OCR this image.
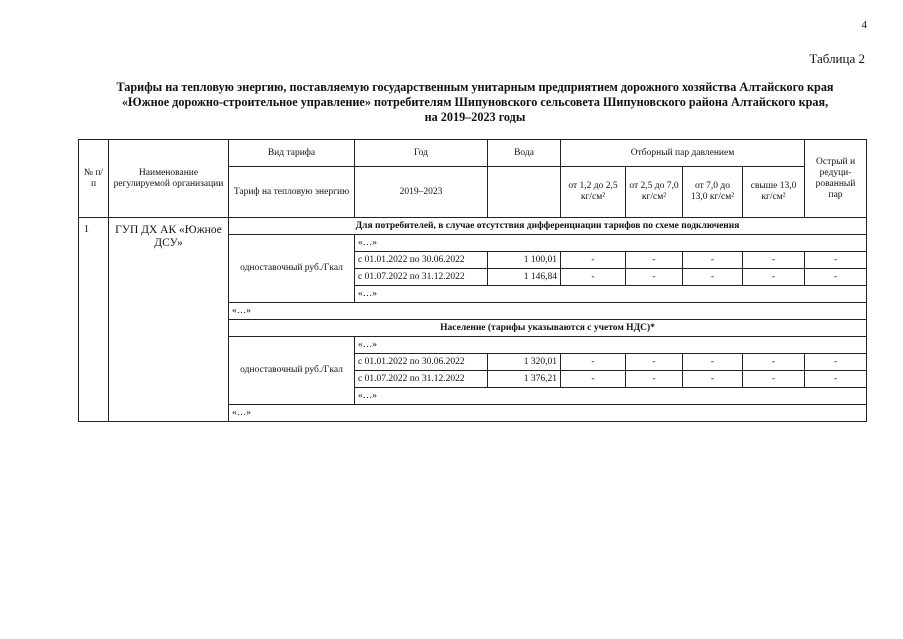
4
Таблица 2
Тарифы на тепловую энергию, поставляемую государственным унитарным предприятием дорожного хозяйства Алтайского края
«Южное дорожно-строительное управление» потребителям Шипуновского сельсовета Шипуновского района Алтайского края,
на 2019–2023 годы
№ п/п	Наименование регулируемой организации	Вид тарифа	Год	Вода	Отборный пар давлением				Острый и редуци-рованный пар
		Тариф на тепловую энергию	2019–2023		от 1,2 до 2,5 кг/см²	от 2,5 до 7,0 кг/см²	от 7,0 до 13,0 кг/см²	свыше 13,0 кг/см²	
1	ГУП ДХ АК «Южное ДСУ»	Для потребителей, в случае отсутствия дифференциации тарифов по схеме подключения							
		одноставочный руб./Гкал	«…»						
			с 01.01.2022 по 30.06.2022	1 100,01	-	-	-	-	-
			с 01.07.2022 по 31.12.2022	1 146,84	-	-	-	-	-
			«…»						
		«…»							
		Население (тарифы указываются с учетом НДС)*							
		одноставочный руб./Гкал	«…»						
			с 01.01.2022 по 30.06.2022	1 320,01	-	-	-	-	-
			с 01.07.2022 по 31.12.2022	1 376,21	-	-	-	-	-
			«…»						
		«…»							
